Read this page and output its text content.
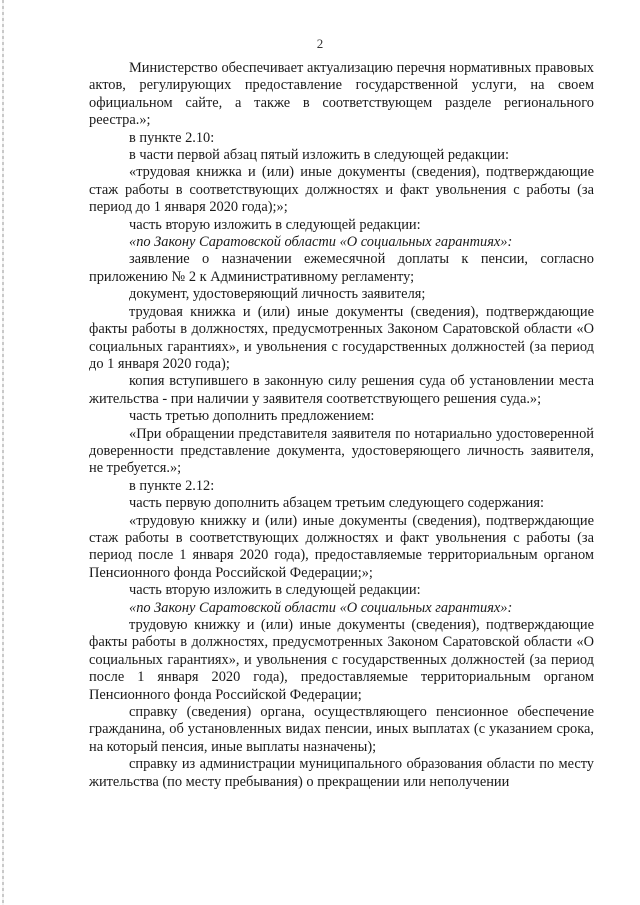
2

Министерство обеспечивает актуализацию перечня нормативных правовых актов, регулирующих предоставление государственной услуги, на своем официальном сайте, а также в соответствующем разделе регионального реестра.»;

в пункте 2.10:

в части первой абзац пятый изложить в следующей редакции:

«трудовая книжка и (или) иные документы (сведения), подтверждающие стаж работы в соответствующих должностях и факт увольнения с работы (за период до 1 января 2020 года);»;

часть вторую изложить в следующей редакции:

«по Закону Саратовской области «О социальных гарантиях»:

заявление о назначении ежемесячной доплаты к пенсии, согласно приложению № 2 к Административному регламенту;

документ, удостоверяющий личность заявителя;

трудовая книжка и (или) иные документы (сведения), подтверждающие факты работы в должностях, предусмотренных Законом Саратовской области «О социальных гарантиях», и увольнения с государственных должностей (за период до 1 января 2020 года);

копия вступившего в законную силу решения суда об установлении места жительства - при наличии у заявителя соответствующего решения суда.»;

часть третью дополнить предложением:

«При обращении представителя заявителя по нотариально удостоверенной доверенности представление документа, удостоверяющего личность заявителя, не требуется.»;

в пункте 2.12:

часть первую дополнить абзацем третьим следующего содержания:

«трудовую книжку и (или) иные документы (сведения), подтверждающие стаж работы в соответствующих должностях и факт увольнения с работы (за период после 1 января 2020 года), предоставляемые территориальным органом Пенсионного фонда Российской Федерации;»;

часть вторую изложить в следующей редакции:

«по Закону Саратовской области «О социальных гарантиях»:

трудовую книжку и (или) иные документы (сведения), подтверждающие факты работы в должностях, предусмотренных Законом Саратовской области «О социальных гарантиях», и увольнения с государственных должностей (за период после 1 января 2020 года), предоставляемые территориальным органом Пенсионного фонда Российской Федерации;

справку (сведения) органа, осуществляющего пенсионное обеспечение гражданина, об установленных видах пенсии, иных выплатах (с указанием срока, на который пенсия, иные выплаты назначены);

справку из администрации муниципального образования области по месту жительства (по месту пребывания) о прекращении или неполучении
